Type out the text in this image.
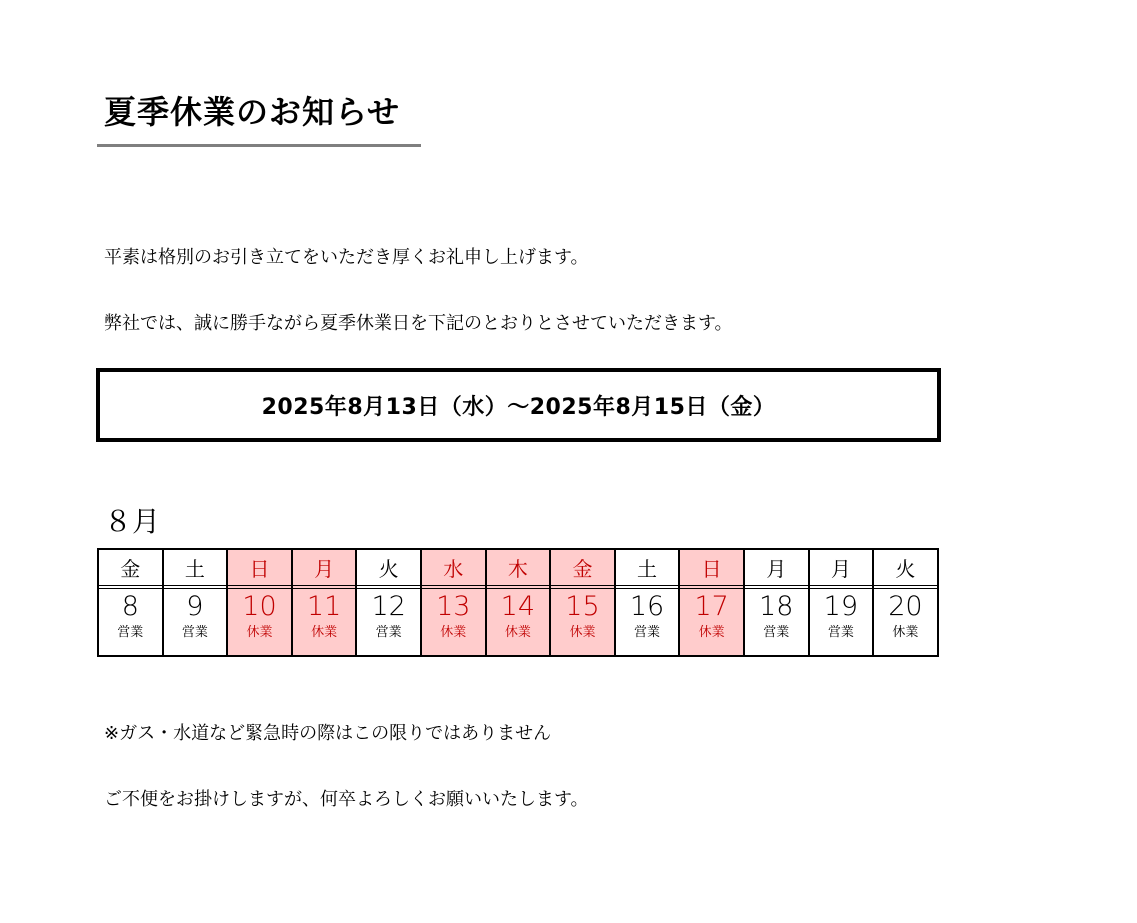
夏季休業のお知らせ

平素は格別のお引き立てをいただき厚くお礼申し上げます。

弊社では、誠に勝手ながら夏季休業日を下記のとおりとさせていただきます。

2025年8月13日（水）～2025年8月15日（金）

８月

金
8
営業
土
9
営業
日
10
休業
月
11
休業
火
12
営業
水
13
休業
木
14
休業
金
15
休業
土
16
営業
日
17
休業
月
18
営業
月
19
営業
火
20
休業

※ガス・水道など緊急時の際はこの限りではありません

ご不便をお掛けしますが、何卒よろしくお願いいたします。
